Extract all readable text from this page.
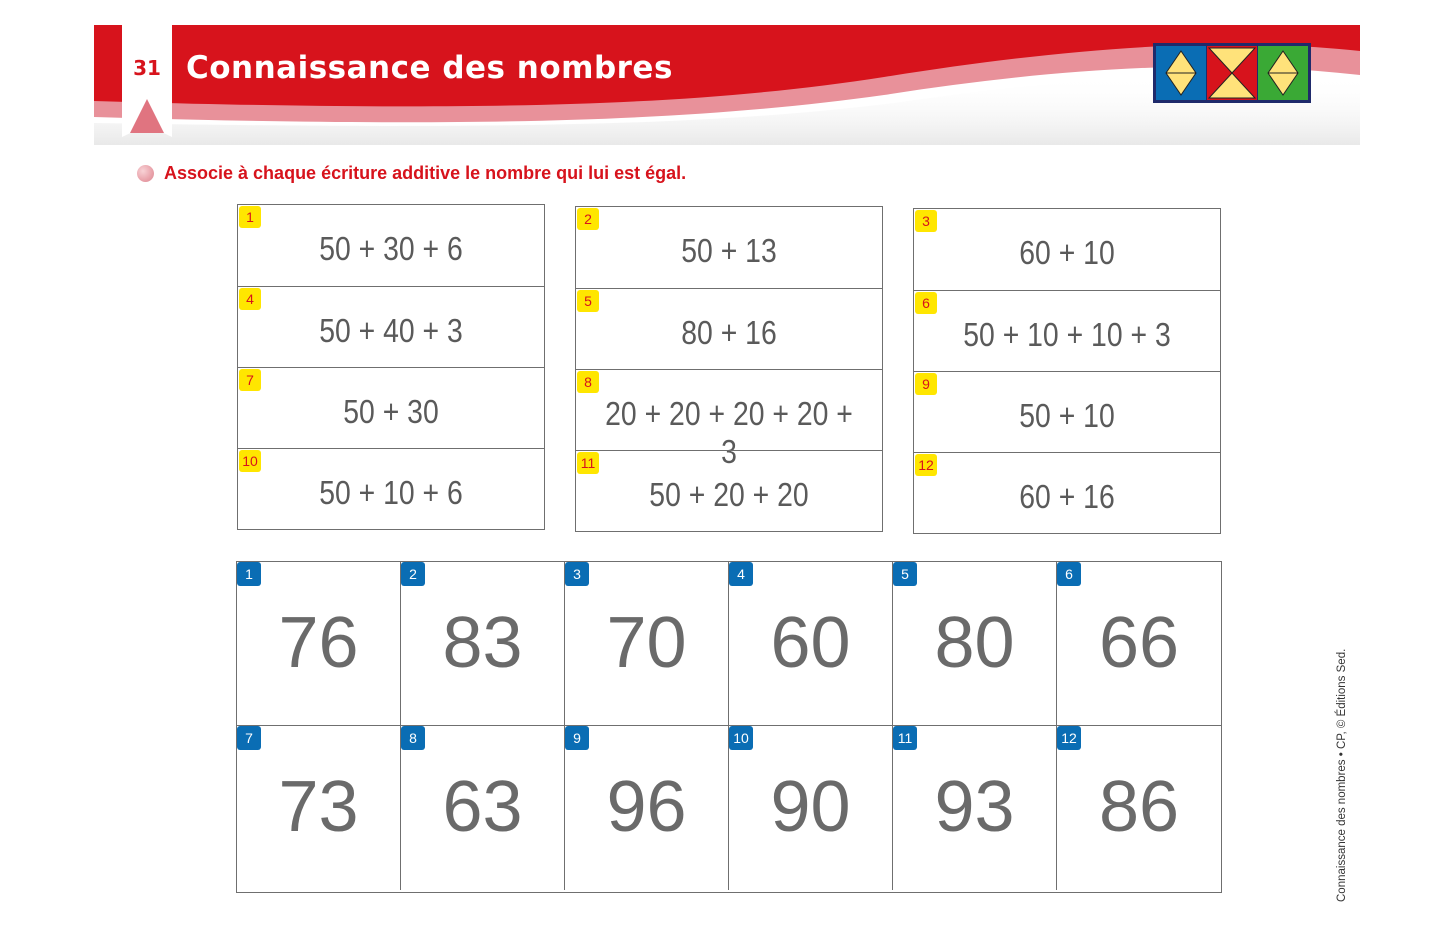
31 Connaissance des nombres
Associe à chaque écriture additive le nombre qui lui est égal.
1
50 + 30 + 6
4
50 + 40 + 3
7
50 + 30
10
50 + 10 + 6
2
50 + 13
5
80 + 16
8
20 + 20 + 20 + 20 + 3
11
50 + 20 + 20
3
60 + 10
6
50 + 10 + 10 + 3
9
50 + 10
12
60 + 16
1
76
2
83
3
70
4
60
5
80
6
66
7
73
8
63
9
96
10
90
11
93
12
86	Connaissance des nombres • CP, © Éditions Sed.
